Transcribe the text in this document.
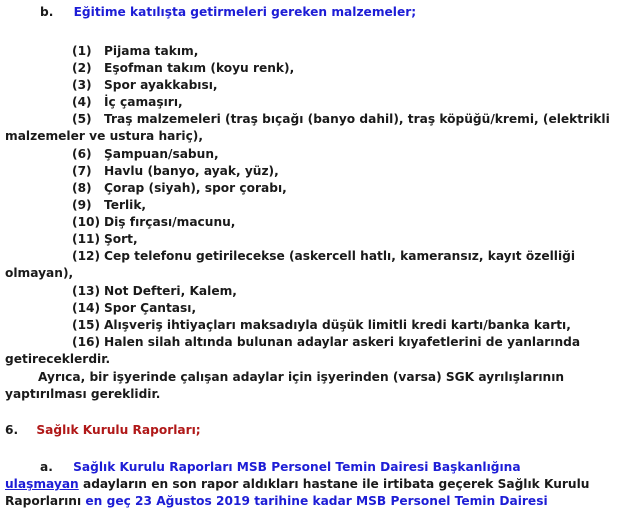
b. Eğitime katılışta getirmeleri gereken malzemeler;
(1) Pijama takım,
(2) Eşofman takım (koyu renk),
(3) Spor ayakkabısı,
(4) İç çamaşırı,
(5) Traş malzemeleri (traş bıçağı (banyo dahil), traş köpüğü/kremi, (elektrikli
malzemeler ve ustura hariç),
(6) Şampuan/sabun,
(7) Havlu (banyo, ayak, yüz),
(8) Çorap (siyah), spor çorabı,
(9) Terlik,
(10) Diş fırçası/macunu,
(11) Şort,
(12) Cep telefonu getirilecekse (askercell hatlı, kameransız, kayıt özelliği
olmayan),
(13) Not Defteri, Kalem,
(14) Spor Çantası,
(15) Alışveriş ihtiyaçları maksadıyla düşük limitli kredi kartı/banka kartı,
(16) Halen silah altında bulunan adaylar askeri kıyafetlerini de yanlarında
getireceklerdir.
Ayrıca, bir işyerinde çalışan adaylar için işyerinden (varsa) SGK ayrılışlarının
yaptırılması gereklidir.
6. Sağlık Kurulu Raporları;
a. Sağlık Kurulu Raporları MSB Personel Temin Dairesi Başkanlığına
ulaşmayan adayların en son rapor aldıkları hastane ile irtibata geçerek Sağlık Kurulu
Raporlarını en geç 23 Ağustos 2019 tarihine kadar MSB Personel Temin Dairesi
